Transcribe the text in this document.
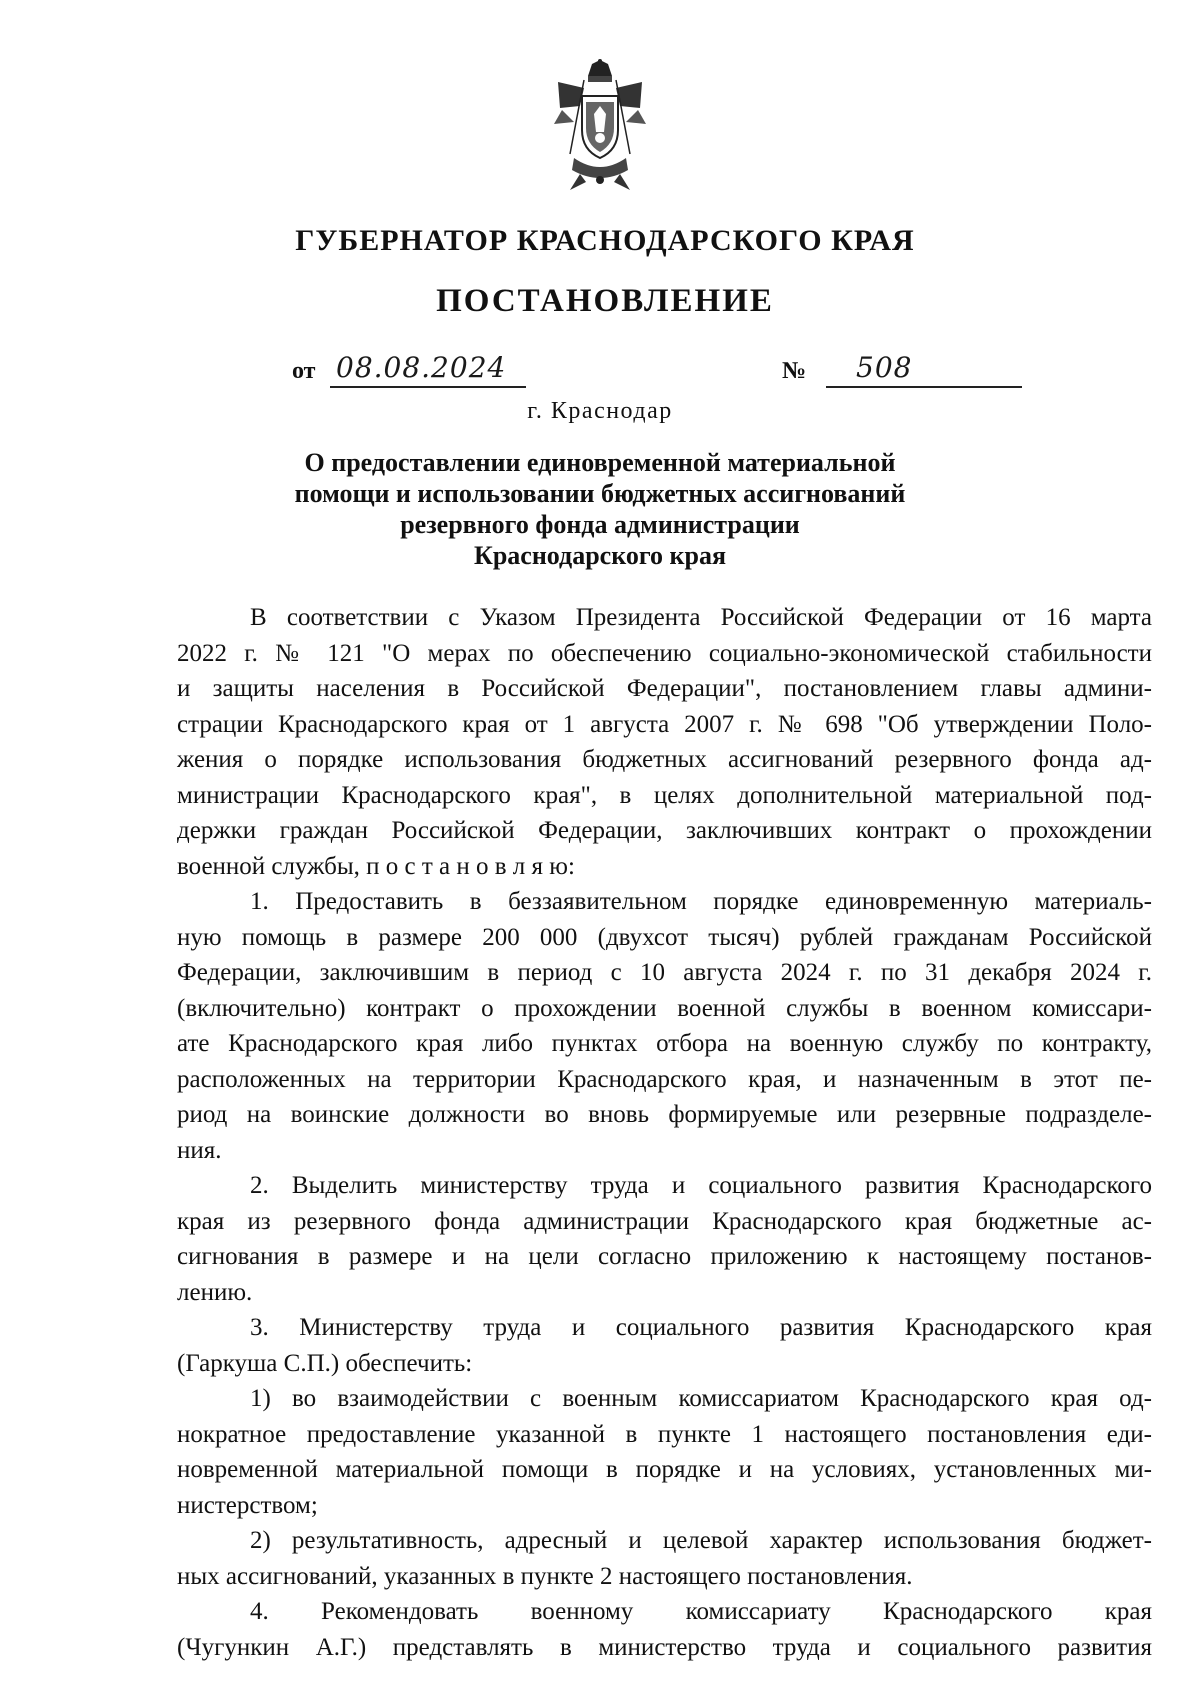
ГУБЕРНАТОР КРАСНОДАРСКОГО КРАЯ
ПОСТАНОВЛЕНИЕ
от 08.08.2024	№ 508
г. Краснодар
О предоставлении единовременной материальной
помощи и использовании бюджетных ассигнований
резервного фонда администрации
Краснодарского края
В соответствии с Указом Президента Российской Федерации от 16 марта
2022 г. № 121 "О мерах по обеспечению социально-экономической стабильности
и защиты населения в Российской Федерации", постановлением главы админи-
страции Краснодарского края от 1 августа 2007 г. № 698 "Об утверждении Поло-
жения о порядке использования бюджетных ассигнований резервного фонда ад-
министрации Краснодарского края", в целях дополнительной материальной под-
держки граждан Российской Федерации, заключивших контракт о прохождении
военной службы, п о с т а н о в л я ю:
1. Предоставить в беззаявительном порядке единовременную материаль-
ную помощь в размере 200 000 (двухсот тысяч) рублей гражданам Российской
Федерации, заключившим в период с 10 августа 2024 г. по 31 декабря 2024 г.
(включительно) контракт о прохождении военной службы в военном комиссари-
ате Краснодарского края либо пунктах отбора на военную службу по контракту,
расположенных на территории Краснодарского края, и назначенным в этот пе-
риод на воинские должности во вновь формируемые или резервные подразделе-
ния.
2. Выделить министерству труда и социального развития Краснодарского
края из резервного фонда администрации Краснодарского края бюджетные ас-
сигнования в размере и на цели согласно приложению к настоящему постанов-
лению.
3. Министерству труда и социального развития Краснодарского края
(Гаркуша С.П.) обеспечить:
1) во взаимодействии с военным комиссариатом Краснодарского края од-
нократное предоставление указанной в пункте 1 настоящего постановления еди-
новременной материальной помощи в порядке и на условиях, установленных ми-
нистерством;
2) результативность, адресный и целевой характер использования бюджет-
ных ассигнований, указанных в пункте 2 настоящего постановления.
4. Рекомендовать военному комиссариату Краснодарского края
(Чугункин А.Г.) представлять в министерство труда и социального развития
